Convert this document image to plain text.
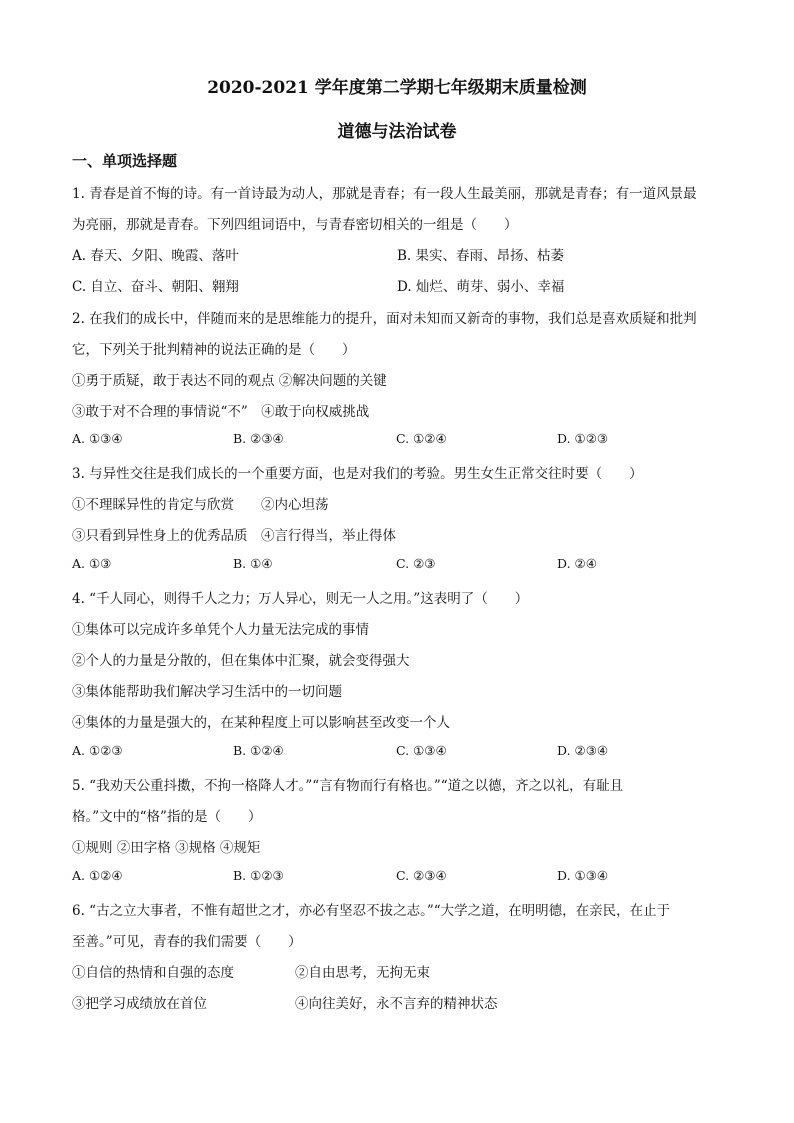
2020-2021 学年度第二学期七年级期末质量检测
道德与法治试卷
一、单项选择题
1. 青春是首不悔的诗。有一首诗最为动人，那就是青春；有一段人生最美丽，那就是青春；有一道风景最
为亮丽，那就是青春。下列四组词语中，与青春密切相关的一组是（　　）
A. 春天、夕阳、晚霞、落叶	B. 果实、春雨、昂扬、枯萎
C. 自立、奋斗、朝阳、翱翔	D. 灿烂、萌芽、弱小、幸福
2. 在我们的成长中，伴随而来的是思维能力的提升，面对未知而又新奇的事物，我们总是喜欢质疑和批判
它，下列关于批判精神的说法正确的是（　　）
①勇于质疑，敢于表达不同的观点 ②解决问题的关键
③敢于对不合理的事情说“不”　④敢于向权威挑战
A. ①③④	B. ②③④	C. ①②④	D. ①②③
3. 与异性交往是我们成长的一个重要方面，也是对我们的考验。男生女生正常交往时要（　　）
①不理睬异性的肯定与欣赏　　②内心坦荡
③只看到异性身上的优秀品质　④言行得当，举止得体
A. ①③	B. ①④	C. ②③	D. ②④
4. “千人同心，则得千人之力；万人异心，则无一人之用。”这表明了（　　）
①集体可以完成许多单凭个人力量无法完成的事情
②个人的力量是分散的，但在集体中汇聚，就会变得强大
③集体能帮助我们解决学习生活中的一切问题
④集体的力量是强大的，在某种程度上可以影响甚至改变一个人
A. ①②③	B. ①②④	C. ①③④	D. ②③④
5. “我劝天公重抖擞，不拘一格降人才。”“言有物而行有格也。”“道之以德，齐之以礼，有耻且
格。”文中的“格”指的是（　　）
①规则 ②田字格 ③规格 ④规矩
A. ①②④	B. ①②③	C. ②③④	D. ①③④
6. “古之立大事者，不惟有超世之才，亦必有坚忍不拔之志。”“大学之道，在明明德，在亲民，在止于
至善。”可见，青春的我们需要（　　）
①自信的热情和自强的态度	②自由思考，无拘无束
③把学习成绩放在首位	④向往美好，永不言弃的精神状态
